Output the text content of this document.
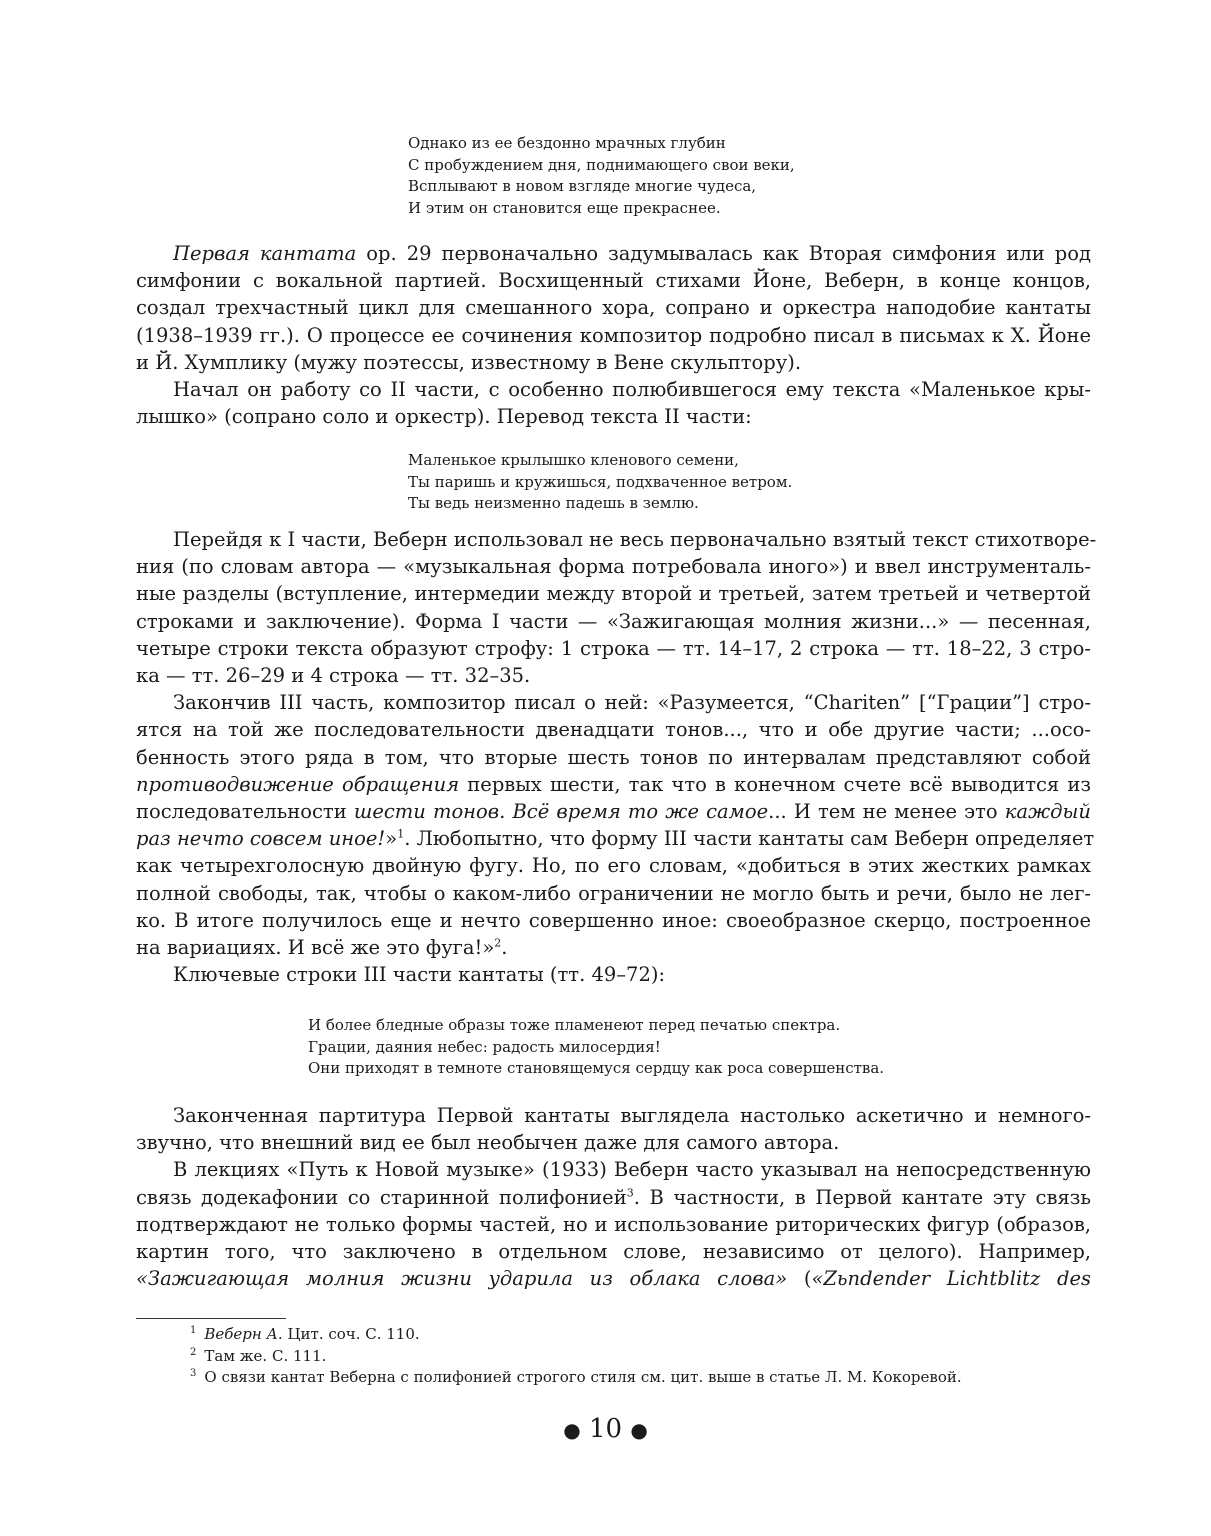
Однако из ее бездонно мрачных глубин
С пробуждением дня, поднимающего свои веки,
Всплывают в новом взгляде многие чудеса,
И этим он становится еще прекраснее.
Первая кантата ор. 29 первоначально задумывалась как Вторая симфония или род
симфонии с вокальной партией. Восхищенный стихами Йоне, Веберн, в конце концов,
создал трехчастный цикл для смешанного хора, сопрано и оркестра наподобие кантаты
(1938–1939 гг.). О процессе ее сочинения композитор подробно писал в письмах к Х. Йоне
и Й. Хумплику (мужу поэтессы, известному в Вене скульптору).
Начал он работу со II части, с особенно полюбившегося ему текста «Маленькое кры-
лышко» (сопрано соло и оркестр). Перевод текста II части:
Маленькое крылышко кленового семени,
Ты паришь и кружишься, подхваченное ветром.
Ты ведь неизменно падешь в землю.
Перейдя к I части, Веберн использовал не весь первоначально взятый текст стихотворе-
ния (по словам автора — «музыкальная форма потребовала иного») и ввел инструменталь-
ные разделы (вступление, интермедии между второй и третьей, затем третьей и четвертой
строками и заключение). Форма I части — «Зажигающая молния жизни...» — песенная,
четыре строки текста образуют строфу: 1 строка — тт. 14–17, 2 строка — тт. 18–22, 3 стро-
ка — тт. 26–29 и 4 строка — тт. 32–35.
Закончив III часть, композитор писал о ней: «Разумеется, “Chariten” [“Грации”] стро-
ятся на той же последовательности двенадцати тонов..., что и обе другие части; ...осо-
бенность этого ряда в том, что вторые шесть тонов по интервалам представляют собой
противодвижение обращения первых шести, так что в конечном счете всё выводится из
последовательности шести тонов. Всё время то же самое... И тем не менее это каждый
раз нечто совсем иное!»$^1$. Любопытно, что форму III части кантаты сам Веберн определяет
как четырехголосную двойную фугу. Но, по его словам, «добиться в этих жестких рамках
полной свободы, так, чтобы о каком-либо ограничении не могло быть и речи, было не лег-
ко. В итоге получилось еще и нечто совершенно иное: своеобразное скерцо, построенное
на вариациях. И всё же это фуга!»$^2$.
Ключевые строки III части кантаты (тт. 49–72):
И более бледные образы тоже пламенеют перед печатью спектра.
Грации, даяния небес: радость милосердия!
Они приходят в темноте становящемуся сердцу как роса совершенства.
Законченная партитура Первой кантаты выглядела настолько аскетично и немного-
звучно, что внешний вид ее был необычен даже для самого автора.
В лекциях «Путь к Новой музыке» (1933) Веберн часто указывал на непосредственную
связь додекафонии со старинной полифонией$^3$. В частности, в Первой кантате эту связь
подтверждают не только формы частей, но и использование риторических фигур (образов,
картин того, что заключено в отдельном слове, независимо от целого). Например,
«Зажигающая молния жизни ударила из облака слова» («Zьndender Lichtblitz des
$^1$ Веберн А. Цит. соч. С. 110.
$^2$ Там же. С. 111.
$^3$ О связи кантат Веберна с полифонией строгого стиля см. цит. выше в статье Л. М. Кокоревой.
● 10 ●
